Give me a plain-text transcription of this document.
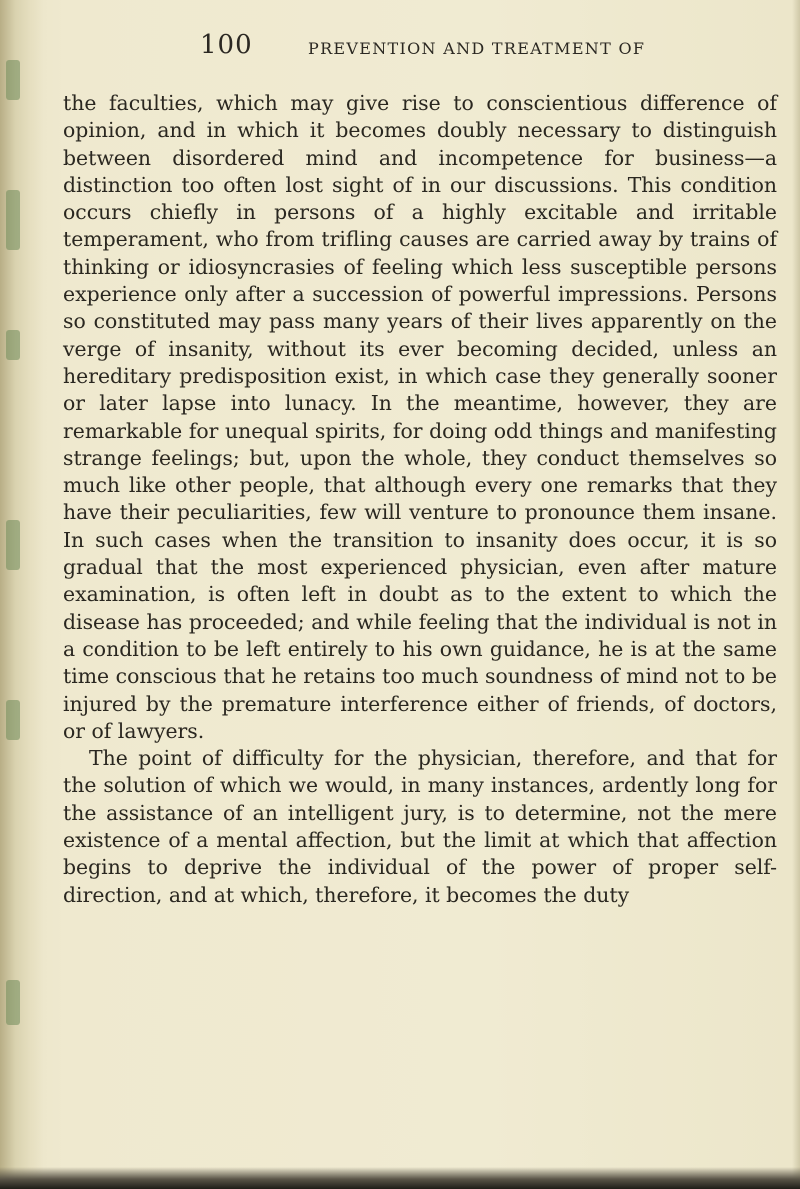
100	PREVENTION AND TREATMENT OF

the faculties, which may give rise to conscientious difference of opinion, and in which it becomes doubly necessary to distinguish between disordered mind and incompetence for business—a distinction too often lost sight of in our discussions. This condition occurs chiefly in persons of a highly excitable and irritable temperament, who from trifling causes are carried away by trains of thinking or idiosyncrasies of feeling which less susceptible persons experience only after a succession of powerful impressions. Persons so constituted may pass many years of their lives apparently on the verge of insanity, without its ever becoming decided, unless an hereditary predisposition exist, in which case they generally sooner or later lapse into lunacy. In the meantime, however, they are remarkable for unequal spirits, for doing odd things and manifesting strange feelings; but, upon the whole, they conduct themselves so much like other people, that although every one remarks that they have their peculiarities, few will venture to pronounce them insane. In such cases when the transition to insanity does occur, it is so gradual that the most experienced physician, even after mature examination, is often left in doubt as to the extent to which the disease has proceeded; and while feeling that the individual is not in a condition to be left entirely to his own guidance, he is at the same time conscious that he retains too much soundness of mind not to be injured by the premature interference either of friends, of doctors, or of lawyers.

The point of difficulty for the physician, therefore, and that for the solution of which we would, in many instances, ardently long for the assistance of an intelligent jury, is to determine, not the mere existence of a mental affection, but the limit at which that affection begins to deprive the individual of the power of proper self-direction, and at which, therefore, it becomes the duty
